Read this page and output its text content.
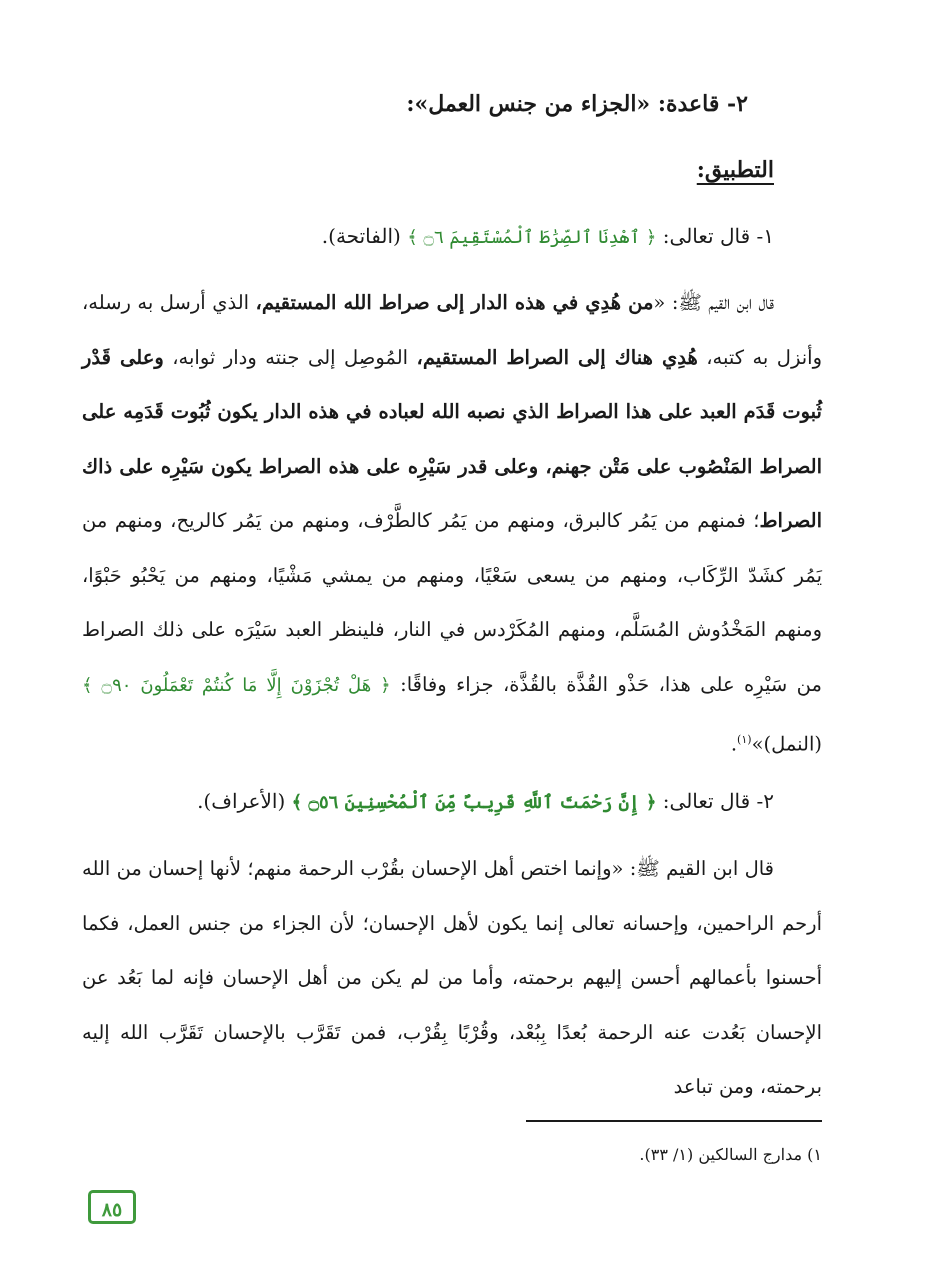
٢- قاعدة: «الجزاء من جنس العمل»:
التطبيق:
١- قال تعالى: ﴿ ٱهْدِنَا ٱلصِّرَٰطَ ٱلْمُسْتَقِيمَ ۝٦ ﴾ (الفاتحة).
قال ابن القيم ﷺ: «من هُدِي في هذه الدار إلى صراط الله المستقيم، الذي أرسل به رسله، وأنزل به كتبه، هُدِي هناك إلى الصراط المستقيم، المُوصِل إلى جنته ودار ثوابه، وعلى قَدْر ثُبوت قَدَم العبد على هذا الصراط الذي نصبه الله لعباده في هذه الدار يكون ثُبُوت قَدَمِه على الصراط المَنْصُوب على مَتْن جهنم، وعلى قدر سَيْرِه على هذه الصراط يكون سَيْرِه على ذاك الصراط؛ فمنهم من يَمُر كالبرق، ومنهم من يَمُر كالطَّرْف، ومنهم من يَمُر كالريح، ومنهم من يَمُر كشَدّ الرِّكَاب، ومنهم من يسعى سَعْيًا، ومنهم من يمشي مَشْيًا، ومنهم من يَحْبُو حَبْوًا، ومنهم المَخْدُوش المُسَلَّم، ومنهم المُكَرْدس في النار، فلينظر العبد سَيْرَه على ذلك الصراط من سَيْرِه على هذا، حَذْو القُذَّة بالقُذَّة، جزاء وفاقًا: ﴿ هَلْ تُجْزَوْنَ إِلَّا مَا كُنتُمْ تَعْمَلُونَ ۝٩٠ ﴾ (النمل)»$^{(١)}$.
٢- قال تعالى: ﴿ إِنَّ رَحْمَتَ ٱللَّهِ قَرِيبٌ مِّنَ ٱلْمُحْسِنِينَ ۝٥٦ ﴾ (الأعراف).
قال ابن القيم ﷺ: «وإنما اختص أهل الإحسان بقُرْب الرحمة منهم؛ لأنها إحسان من الله أرحم الراحمين، وإحسانه تعالى إنما يكون لأهل الإحسان؛ لأن الجزاء من جنس العمل، فكما أحسنوا بأعمالهم أحسن إليهم برحمته، وأما من لم يكن من أهل الإحسان فإنه لما بَعُد عن الإحسان بَعُدت عنه الرحمة بُعدًا بِبُعْد، وقُرْبًا بِقُرْب، فمن تَقَرَّب بالإحسان تَقَرَّب الله إليه برحمته، ومن تباعد
١) مدارج السالكين (١/ ٣٣).
٨٥
